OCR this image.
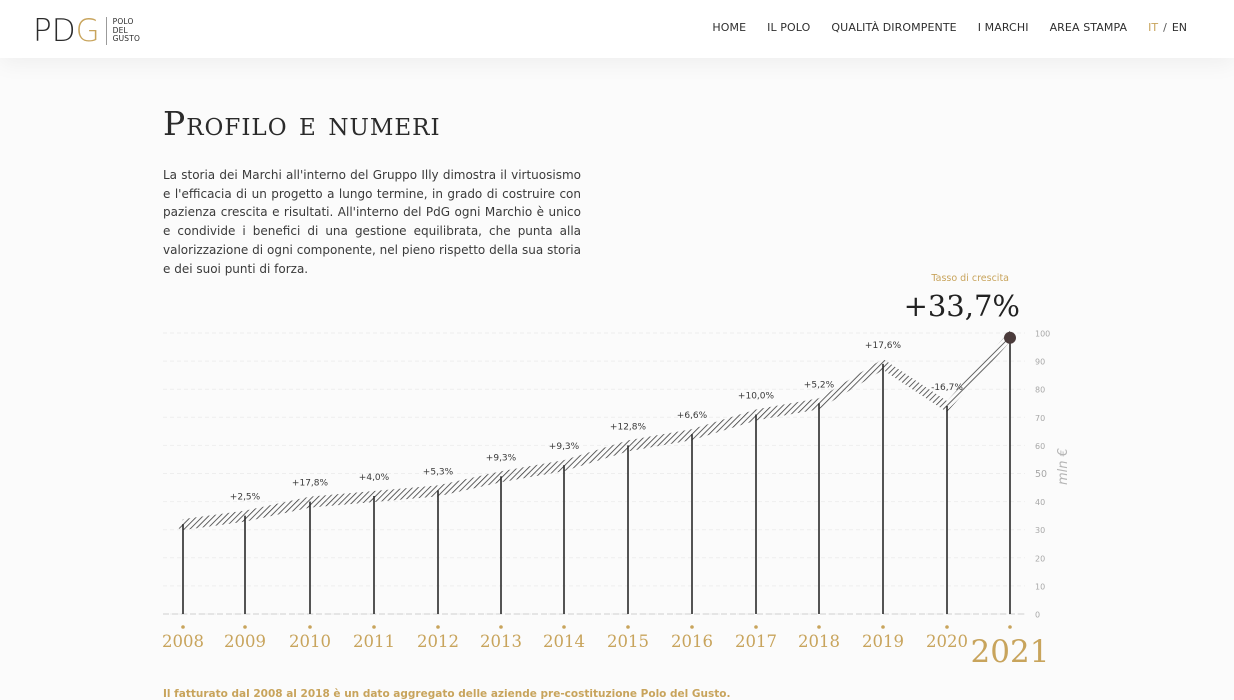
PDG POLO
DEL
GUSTO
HOME IL POLO QUALITÀ DIROMPENTE I MARCHI AREA STAMPA IT / EN
Profilo e numeri

La storia dei Marchi all'interno del Gruppo Illy dimostra il virtuosismo e l'efficacia di un progetto a lungo termine, in grado di costruire con pazienza crescita e risultati. All'interno del PdG ogni Marchio è unico e condivide i benefici di una gestione equilibrata, che punta alla valorizzazione di ogni componente, nel pieno rispetto della sua storia e dei suoi punti di forza.

+2,5%
+17,8%
+4,0%
+5,3%
+9,3%
+9,3%
+12,8%
+6,6%
+10,0%
+5,2%
+17,6%
-16,7%
Tasso di crescita
+33,7%
0
10
20
30
40
50
60
70
80
90
100
mln €
2008 2009 2010 2011 2012 2013 2014 2015 2016 2017 2018 2019 2020 2021

Il fatturato dal 2008 al 2018 è un dato aggregato delle aziende pre-costituzione Polo del Gusto.
